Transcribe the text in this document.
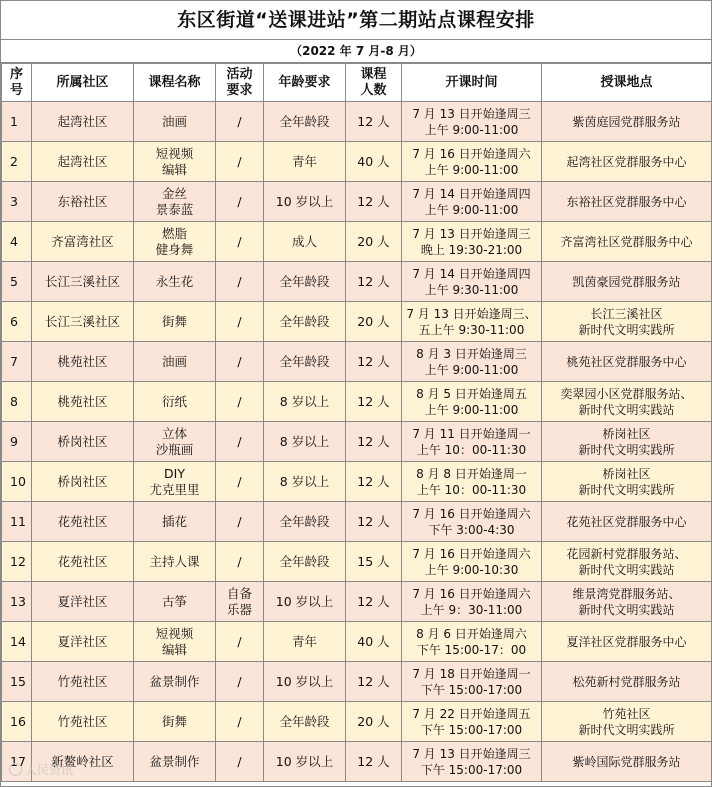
东区街道“送课进站”第二期站点课程安排
（2022 年 7 月-8 月）
序
号	所属社区	课程名称	活动
要求	年龄要求	课程
人数	开课时间	授课地点

1	起湾社区	油画	/	全年龄段	12 人	7 月 13 日开始逢周三
上午 9:00-11:00	紫茵庭园党群服务站

2	起湾社区	短视频
编辑	/	青年	40 人	7 月 16 日开始逢周六
上午 9:00-11:00	起湾社区党群服务中心

3	东裕社区	金丝
景泰蓝	/	10 岁以上	12 人	7 月 14 日开始逢周四
上午 9:00-11:00	东裕社区党群服务中心

4	齐富湾社区	燃脂
健身舞	/	成人	20 人	7 月 13 日开始逢周三
晚上 19:30-21:00	齐富湾社区党群服务中心

5	长江三溪社区	永生花	/	全年龄段	12 人	7 月 14 日开始逢周四
上午 9:30-11:00	凯茵豪园党群服务站

6	长江三溪社区	街舞	/	全年龄段	20 人	7 月 13 日开始逢周三、
五上午 9:30-11:00	长江三溪社区
新时代文明实践所

7	桃苑社区	油画	/	全年龄段	12 人	8 月 3 日开始逢周三
上午 9:00-11:00	桃苑社区党群服务中心

8	桃苑社区	衍纸	/	8 岁以上	12 人	8 月 5 日开始逢周五
上午 9:00-11:00	奕翠园小区党群服务站、
新时代文明实践站

9	桥岗社区	立体
沙瓶画	/	8 岁以上	12 人	7 月 11 日开始逢周一
上午 10：00-11:30	桥岗社区
新时代文明实践所

10	桥岗社区	DIY
尤克里里	/	8 岁以上	12 人	8 月 8 日开始逢周一
上午 10：00-11:30	桥岗社区
新时代文明实践所

11	花苑社区	插花	/	全年龄段	12 人	7 月 16 日开始逢周六
下午 3:00-4:30	花苑社区党群服务中心

12	花苑社区	主持人课	/	全年龄段	15 人	7 月 16 日开始逢周六
上午 9:00-10:30	花园新村党群服务站、
新时代文明实践站

13	夏洋社区	古筝	自备
乐器	10 岁以上	12 人	7 月 16 日开始逢周六
上午 9：30-11:00	维景湾党群服务站、
新时代文明实践站

14	夏洋社区	短视频
编辑	/	青年	40 人	8 月 6 日开始逢周六
下午 15:00-17：00	夏洋社区党群服务中心

15	竹苑社区	盆景制作	/	10 岁以上	12 人	7 月 18 日开始逢周一
下午 15:00-17:00	松苑新村党群服务站

16	竹苑社区	街舞	/	全年龄段	20 人	7 月 22 日开始逢周五
下午 15:00-17:00	竹苑社区
新时代文明实践所

17	新鳌岭社区	盆景制作	/	10 岁以上	12 人	7 月 13 日开始逢周三
下午 15:00-17:00	紫岭国际党群服务站
人民资讯
